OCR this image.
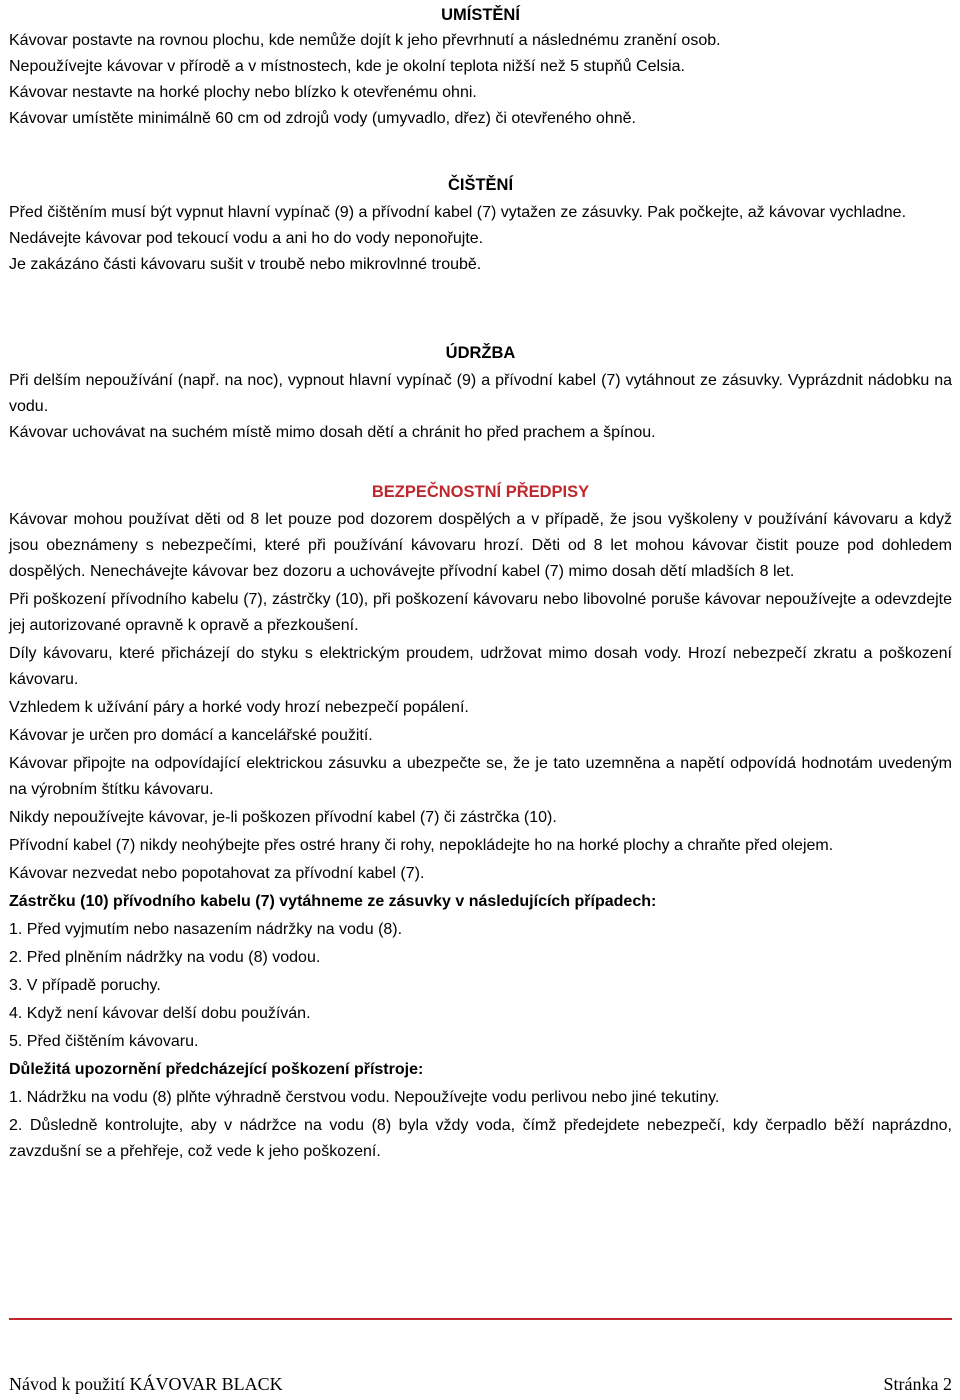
UMÍSTĚNÍ
Kávovar postavte na rovnou plochu, kde nemůže dojít k jeho převrhnutí a následnému zranění osob.
Nepoužívejte kávovar v přírodě a v místnostech, kde je okolní teplota nižší než 5 stupňů Celsia.
Kávovar nestavte na horké plochy nebo blízko k otevřenému ohni.
Kávovar umístěte minimálně 60 cm od zdrojů vody (umyvadlo, dřez) či otevřeného ohně.
ČIŠTĚNÍ
Před čištěním musí být vypnut hlavní vypínač (9) a přívodní kabel (7) vytažen ze zásuvky. Pak počkejte, až kávovar vychladne.
Nedávejte kávovar pod tekoucí vodu a ani ho do vody neponořujte.
Je zakázáno části kávovaru sušit v troubě nebo mikrovlnné troubě.
ÚDRŽBA
Při delším nepoužívání (např. na noc), vypnout hlavní vypínač (9) a přívodní kabel (7) vytáhnout ze zásuvky. Vyprázdnit nádobku na vodu.
Kávovar uchovávat na suchém místě mimo dosah dětí a chránit ho před prachem a špínou.
BEZPEČNOSTNÍ PŘEDPISY
Kávovar mohou používat děti od 8 let pouze pod dozorem dospělých a v případě, že jsou vyškoleny v používání kávovaru a když jsou obeznámeny s nebezpečími, které při používání kávovaru hrozí. Děti od 8 let mohou kávovar čistit pouze pod dohledem dospělých. Nenechávejte kávovar bez dozoru a uchovávejte přívodní kabel (7) mimo dosah dětí mladších 8 let.
Při poškození přívodního kabelu (7), zástrčky (10), při poškození kávovaru nebo libovolné poruše kávovar nepoužívejte a odevzdejte jej autorizované opravně k opravě a přezkoušení.
Díly kávovaru, které přicházejí do styku s elektrickým proudem, udržovat mimo dosah vody. Hrozí nebezpečí zkratu a poškození kávovaru.
Vzhledem k užívání páry a horké vody hrozí nebezpečí popálení.
Kávovar je určen pro domácí a kancelářské použití.
Kávovar připojte na odpovídající elektrickou zásuvku a ubezpečte se, že je tato uzemněna a napětí odpovídá hodnotám uvedeným na výrobním štítku kávovaru.
Nikdy nepoužívejte kávovar, je-li poškozen přívodní kabel (7) či zástrčka (10).
Přívodní kabel (7) nikdy neohýbejte přes ostré hrany či rohy, nepokládejte ho na horké plochy a chraňte před olejem.
Kávovar nezvedat nebo popotahovat za přívodní kabel (7).
Zástrčku (10) přívodního kabelu (7) vytáhneme ze zásuvky v následujících případech:
1. Před vyjmutím nebo nasazením nádržky na vodu (8).
2. Před plněním nádržky na vodu (8) vodou.
3. V případě poruchy.
4. Když není kávovar delší dobu používán.
5. Před čištěním kávovaru.
Důležitá upozornění předcházející poškození přístroje:
1. Nádržku na vodu (8) plňte výhradně čerstvou vodu. Nepoužívejte vodu perlivou nebo jiné tekutiny.
2. Důsledně kontrolujte, aby v nádržce na vodu (8) byla vždy voda, čímž předejdete nebezpečí, kdy čerpadlo běží naprázdno, zavzdušní se a přehřeje, což vede k jeho poškození.
Návod k použití KÁVOVAR BLACK	Stránka 2
